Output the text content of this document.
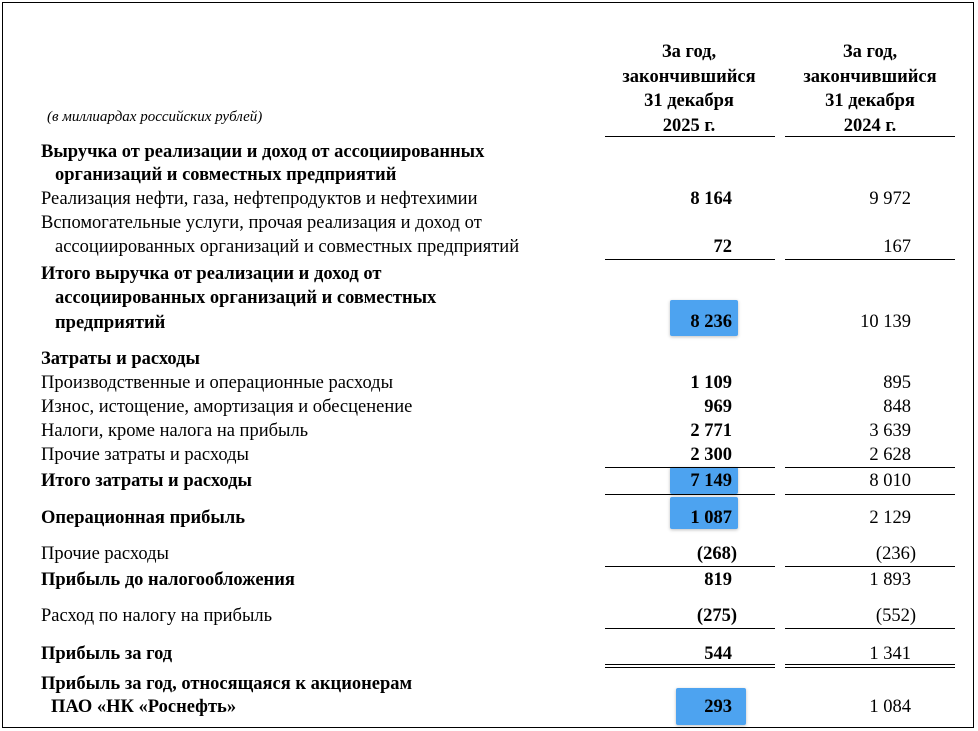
(в миллиардах российских рублей)
За год,
закончившийся
31 декабря
2025 г.
За год,
закончившийся
31 декабря
2024 г.
Выручка от реализации и доход от ассоциированных
организаций и совместных предприятий
Реализация нефти, газа, нефтепродуктов и нефтехимии	8 164	9 972
Вспомогательные услуги, прочая реализация и доход от
ассоциированных организаций и совместных предприятий	72	167
Итого выручка от реализации и доход от
ассоциированных организаций и совместных
предприятий	8 236	10 139
Затраты и расходы
Производственные и операционные расходы	1 109	895
Износ, истощение, амортизация и обесценение	969	848
Налоги, кроме налога на прибыль	2 771	3 639
Прочие затраты и расходы	2 300	2 628
Итого затраты и расходы	7 149	8 010
Операционная прибыль	1 087	2 129
Прочие расходы	(268)	(236)
Прибыль до налогообложения	819	1 893
Расход по налогу на прибыль	(275)	(552)
Прибыль за год	544	1 341
Прибыль за год, относящаяся к акционерам
ПАО «НК «Роснефть»	293	1 084
